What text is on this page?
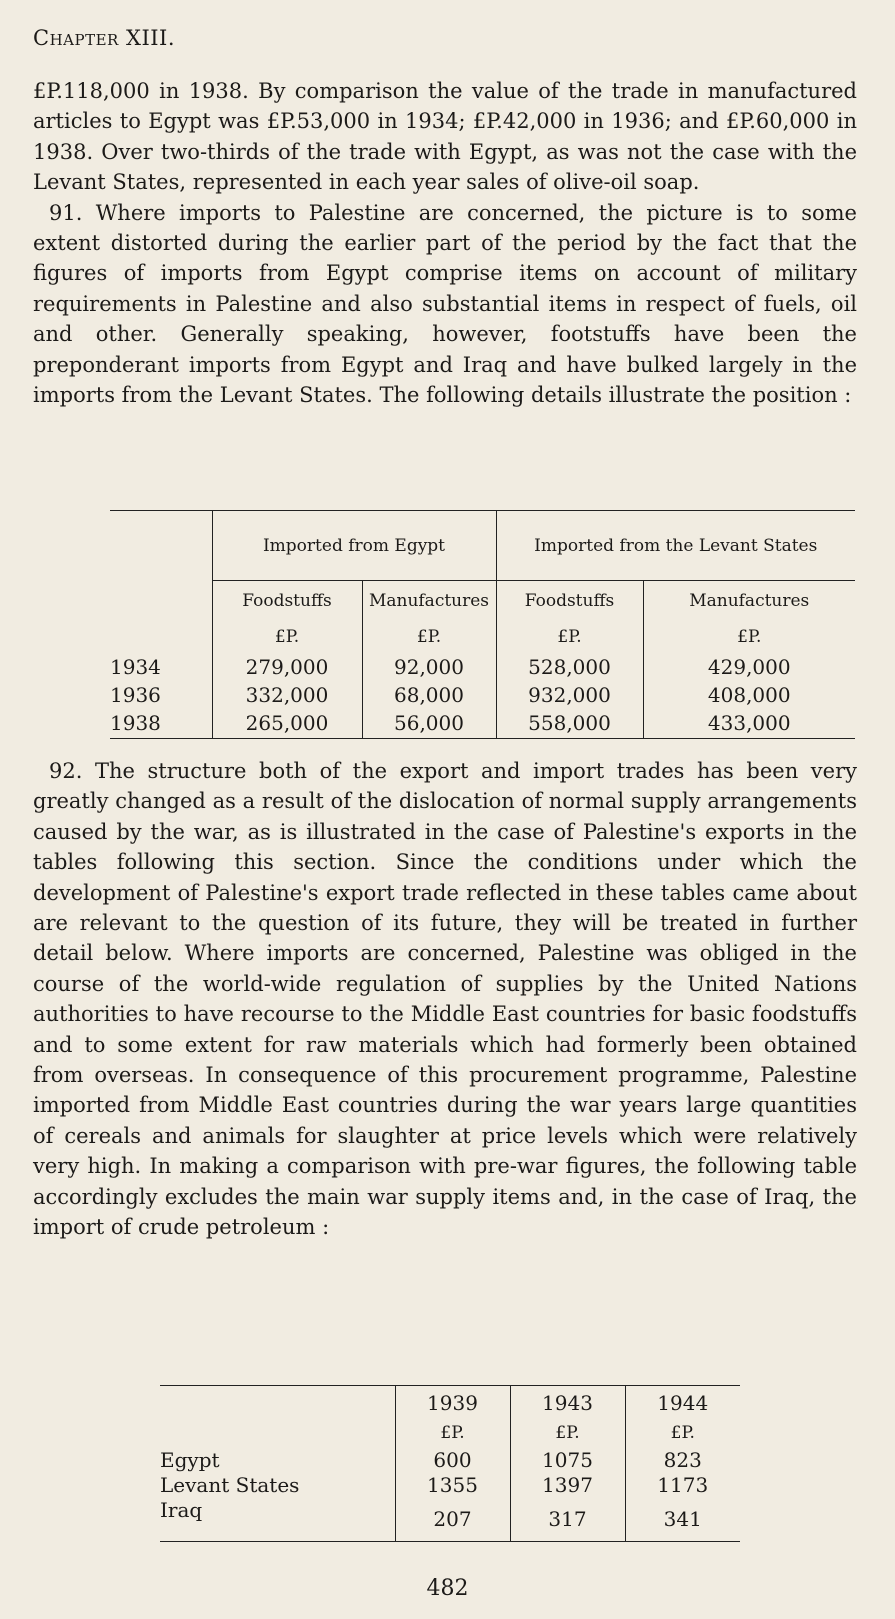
Chapter XIII.

£P.118,000 in 1938. By comparison the value of the trade in manufactured articles to Egypt was £P.53,000 in 1934; £P.42,000 in 1936; and £P.60,000 in 1938. Over two-thirds of the trade with Egypt, as was not the case with the Levant States, represented in each year sales of olive-oil soap.

91. Where imports to Palestine are concerned, the picture is to some extent distorted during the earlier part of the period by the fact that the figures of imports from Egypt comprise items on account of military requirements in Palestine and also substantial items in respect of fuels, oil and other. Generally speaking, however, footstuffs have been the preponderant imports from Egypt and Iraq and have bulked largely in the imports from the Levant States. The following details illustrate the position :

	Imported from Egypt		Imported from the Levant States	
	Foodstuffs	Manufactures	Foodstuffs	Manufactures
	£P.	£P.	£P.	£P.
1934	279,000	92,000	528,000	429,000
1936	332,000	68,000	932,000	408,000
1938	265,000	56,000	558,000	433,000

92. The structure both of the export and import trades has been very greatly changed as a result of the dislocation of normal supply arrangements caused by the war, as is illustrated in the case of Palestine's exports in the tables following this section. Since the conditions under which the development of Palestine's export trade reflected in these tables came about are relevant to the question of its future, they will be treated in further detail below. Where imports are concerned, Palestine was obliged in the course of the world-wide regulation of supplies by the United Nations authorities to have recourse to the Middle East countries for basic foodstuffs and to some extent for raw materials which had formerly been obtained from overseas. In consequence of this procurement programme, Palestine imported from Middle East countries during the war years large quantities of cereals and animals for slaughter at price levels which were relatively very high. In making a comparison with pre-war figures, the following table accordingly excludes the main war supply items and, in the case of Iraq, the import of crude petroleum :

	1939	1943	1944
	£P.	£P.	£P.
Egypt	600	1075	823
Levant States	1355	1397	1173
Iraq	207	317	341
482
